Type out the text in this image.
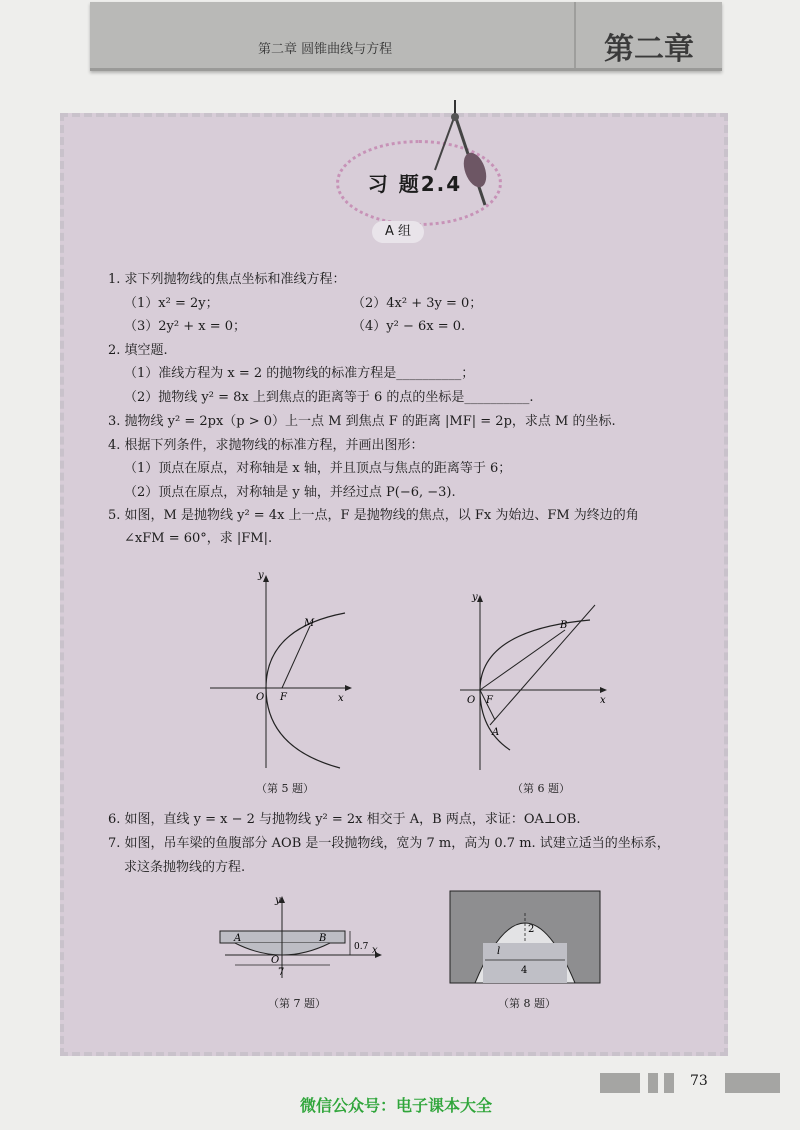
第二章 圆锥曲线与方程	第二章
习 题2.4
A 组
1. 求下列抛物线的焦点坐标和准线方程：
（1）x² = 2y；	（2）4x² + 3y = 0；
（3）2y² + x = 0；	（4）y² − 6x = 0.
2. 填空题.
（1）准线方程为 x = 2 的抛物线的标准方程是__________；
（2）抛物线 y² = 8x 上到焦点的距离等于 6 的点的坐标是__________.
3. 抛物线 y² = 2px（p > 0）上一点 M 到焦点 F 的距离 |MF| = 2p，求点 M 的坐标.
4. 根据下列条件，求抛物线的标准方程，并画出图形：
（1）顶点在原点，对称轴是 x 轴，并且顶点与焦点的距离等于 6；
（2）顶点在原点，对称轴是 y 轴，并经过点 P(−6, −3).
5. 如图，M 是抛物线 y² = 4x 上一点，F 是抛物线的焦点，以 Fx 为始边、FM 为终边的角
∠xFM = 60°，求 |FM|.
y
x
O F
M
（第 5 题）
y
x
O F
A
B
（第 6 题）
6. 如图，直线 y = x − 2 与抛物线 y² = 2x 相交于 A，B 两点，求证：OA⊥OB.
7. 如图，吊车梁的鱼腹部分 AOB 是一段抛物线，宽为 7 m，高为 0.7 m. 试建立适当的坐标系，
求这条抛物线的方程.
y
x
A	B
O
7
0.7
（第 7 题）
2
l
4
（第 8 题）
73
微信公众号：电子课本大全
